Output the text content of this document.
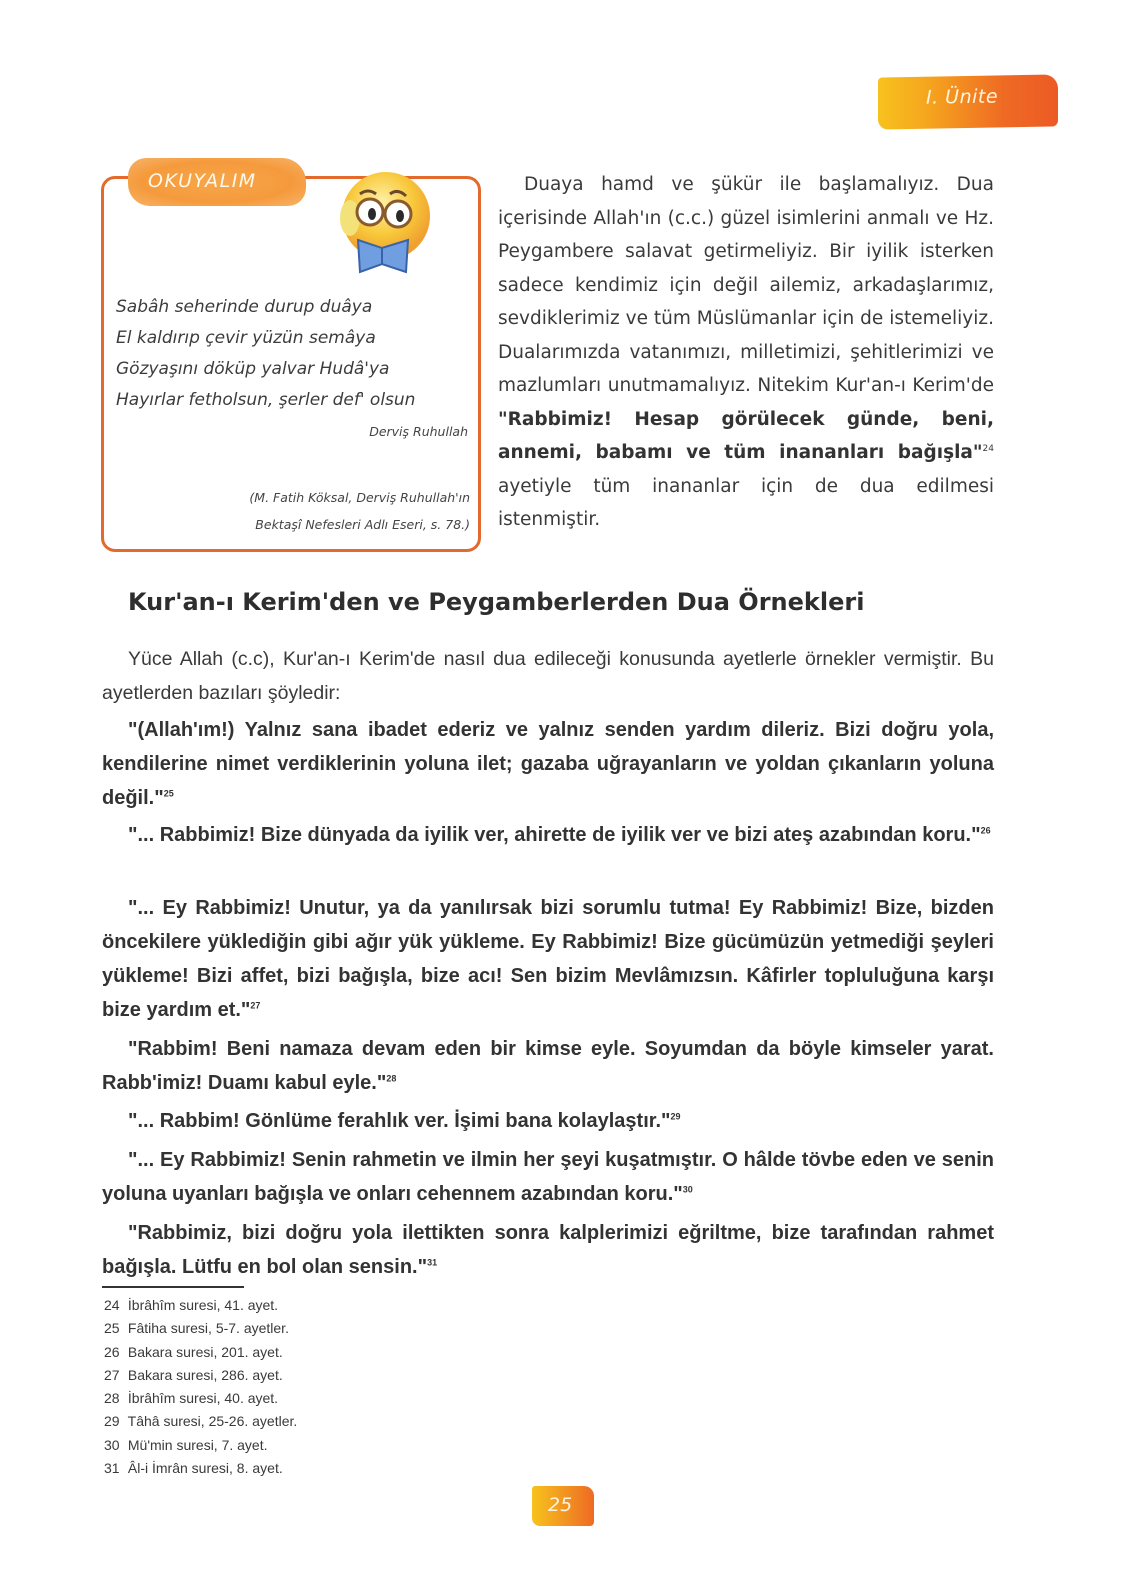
I. Ünite
OKUYALIM
Sabâh seherinde durup duâya
El kaldırıp çevir yüzün semâya
Gözyaşını döküp yalvar Hudâ'ya
Hayırlar fetholsun, şerler def' olsun
Derviş Ruhullah
(M. Fatih Köksal, Derviş Ruhullah'ın
Bektaşî Nefesleri Adlı Eseri, s. 78.)

Duaya hamd ve şükür ile başlamalıyız. Dua içerisinde Allah'ın (c.c.) güzel isimlerini anmalı ve Hz. Peygambere salavat getirmeliyiz. Bir iyilik isterken sadece kendimiz için değil ailemiz, arkadaşlarımız, sevdiklerimiz ve tüm Müslümanlar için de istemeliyiz. Dualarımızda vatanımızı, milletimizi, şehitlerimizi ve mazlumları unutmamalıyız. Nitekim Kur'an-ı Kerim'de "Rabbimiz! Hesap görülecek günde, beni, annemi, babamı ve tüm inananları bağışla"$^{24}$ ayetiyle tüm inananlar için de dua edilmesi istenmiştir.

Kur'an-ı Kerim'den ve Peygamberlerden Dua Örnekleri

Yüce Allah (c.c), Kur'an-ı Kerim'de nasıl dua edileceği konusunda ayetlerle örnekler vermiştir. Bu ayetlerden bazıları şöyledir:

"(Allah'ım!) Yalnız sana ibadet ederiz ve yalnız senden yardım dileriz. Bizi doğru yola, kendilerine nimet verdiklerinin yoluna ilet; gazaba uğrayanların ve yoldan çıkanların yoluna değil."$^{25}$

"... Rabbimiz! Bize dünyada da iyilik ver, ahirette de iyilik ver ve bizi ateş azabından koru."$^{26}$

"... Ey Rabbimiz! Unutur, ya da yanılırsak bizi sorumlu tutma! Ey Rabbimiz! Bize, bizden öncekilere yüklediğin gibi ağır yük yükleme. Ey Rabbimiz! Bize gücümüzün yetmediği şeyleri yükleme! Bizi affet, bizi bağışla, bize acı! Sen bizim Mevlâmızsın. Kâfirler topluluğuna karşı bize yardım et."$^{27}$

"Rabbim! Beni namaza devam eden bir kimse eyle. Soyumdan da böyle kimseler yarat. Rabb'imiz! Duamı kabul eyle."$^{28}$

"... Rabbim! Gönlüme ferahlık ver. İşimi bana kolaylaştır."$^{29}$

"... Ey Rabbimiz! Senin rahmetin ve ilmin her şeyi kuşatmıştır. O hâlde tövbe eden ve senin yoluna uyanları bağışla ve onları cehennem azabından koru."$^{30}$

"Rabbimiz, bizi doğru yola ilettikten sonra kalplerimizi eğriltme, bize tarafından rahmet bağışla. Lütfu en bol olan sensin."$^{31}$

24 İbrâhîm suresi, 41. ayet.
25 Fâtiha suresi, 5-7. ayetler.
26 Bakara suresi, 201. ayet.
27 Bakara suresi, 286. ayet.
28 İbrâhîm suresi, 40. ayet.
29 Tâhâ suresi, 25-26. ayetler.
30 Mü'min suresi, 7. ayet.
31 Âl-i İmrân suresi, 8. ayet.
25
